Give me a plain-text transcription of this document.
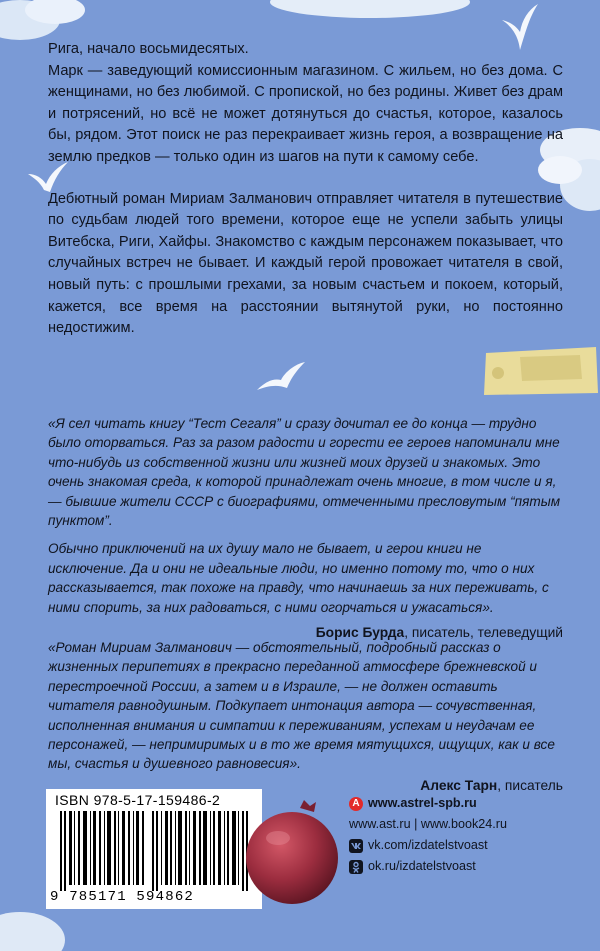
Рига, начало восьмидесятых.
Марк — заведующий комиссионным магазином. С жильем, но без дома. С женщинами, но без любимой. С пропиской, но без родины. Живет без драм и потрясений, но всё не может дотянуться до счастья, которое, казалось бы, рядом. Этот поиск не раз перекраивает жизнь героя, а возвращение на землю предков — только один из шагов на пути к самому себе.

Дебютный роман Мириам Залманович отправляет читателя в путешествие по судьбам людей того времени, которое еще не успели забыть улицы Витебска, Риги, Хайфы. Знакомство с каждым персонажем показывает, что случайных встреч не бывает. И каждый герой провожает читателя в свой, новый путь: с прошлыми грехами, за новым счастьем и покоем, который, кажется, все время на расстоянии вытянутой руки, но постоянно недостижим.

«Я сел читать книгу “Тест Сегаля” и сразу дочитал ее до конца — трудно было оторваться. Раз за разом радости и горести ее героев напоминали мне что-нибудь из собственной жизни или жизней моих друзей и знакомых. Это очень знакомая среда, к которой принадлежат очень многие, в том числе и я, — бывшие жители СССР с биографиями, отмеченными пресловутым “пятым пунктом”.

Обычно приключений на их душу мало не бывает, и герои книги не исключение. Да и они не идеальные люди, но именно потому то, что о них рассказывается, так похоже на правду, что начинаешь за них переживать, с ними спорить, за них радоваться, с ними огорчаться и ужасаться».

Борис Бурда, писатель, телеведущий

«Роман Мириам Залманович — обстоятельный, подробный рассказ о жизненных перипетиях в прекрасно переданной атмосфере брежневской и перестроечной России, а затем и в Израиле, — не должен оставить читателя равнодушным. Подкупает интонация автора — сочувственная, исполненная внимания и симпатии к переживаниям, успехам и неудачам ее персонажей, — непримиримых и в то же время мятущихся, ищущих, как и все мы, счастья и душевного равновесия».

Алекс Тарн, писатель
ISBN 978-5-17-159486-2
9 785171 594862
А www.astrel-spb.ru
www.ast.ru | www.book24.ru
vk.com/izdatelstvoast
ok.ru/izdatelstvoast
